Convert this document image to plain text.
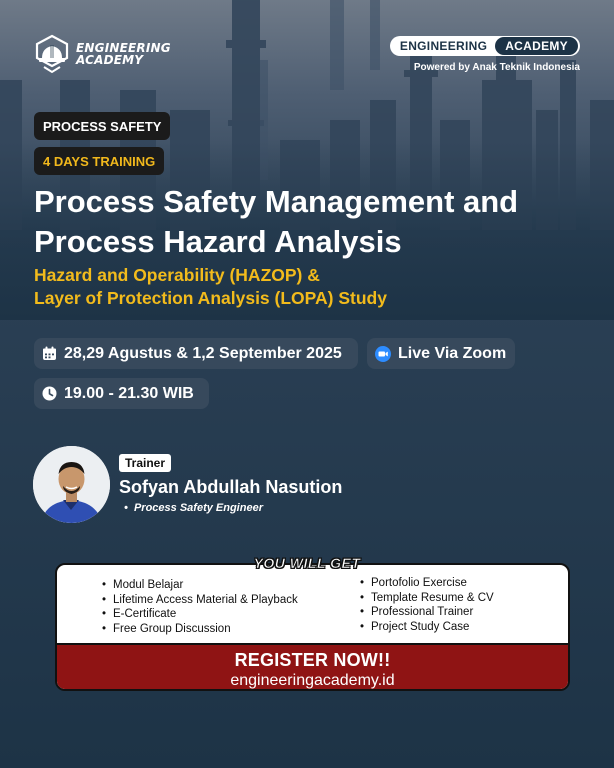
ENGINEERING
ACADEMY
ENGINEERING	ACADEMY
Powered by Anak Teknik Indonesia
PROCESS SAFETY
4 DAYS TRAINING
Process Safety Management and
Process Hazard Analysis
Hazard and Operability (HAZOP) &
Layer of Protection Analysis (LOPA) Study
28,29 Agustus & 1,2 September 2025	Live Via Zoom
19.00 - 21.30 WIB
Trainer
Sofyan Abdullah Nasution
•  Process Safety Engineer
• Modul Belajar
• Lifetime Access Material & Playback
• E-Certificate
• Free Group Discussion
• Portofolio Exercise
• Template Resume & CV
• Professional Trainer
• Project Study Case
REGISTER NOW!!
engineeringacademy.id
YOU WILL GET
